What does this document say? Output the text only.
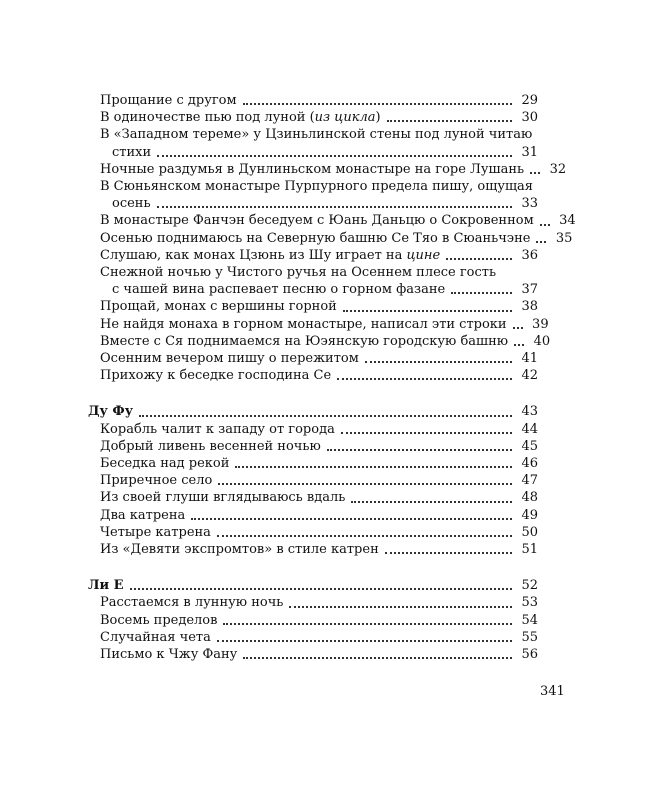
Прощание с другом	29
В одиночестве пью под луной (из цикла)	30
В «Западном тереме» у Цзиньлинской стены под луной читаю
стихи	31
Ночные раздумья в Дунлиньском монастыре на горе Лушань 32
В Сюньянском монастыре Пурпурного предела пишу, ощущая
осень	33
В монастыре Фанчэн беседуем с Юань Даньцю о Сокровенном 34
Осенью поднимаюсь на Северную башню Се Тяо в Сюаньчэне 35
Слушаю, как монах Цзюнь из Шу играет на цине	36
Снежной ночью у Чистого ручья на Осеннем плесе гость
с чашей вина распевает песню о горном фазане	37
Прощай, монах с вершины горной	38
Не найдя монаха в горном монастыре, написал эти строки 39
Вместе с Ся поднимаемся на Юэянскую городскую башню 40
Осенним вечером пишу о пережитом	41
Прихожу к беседке господина Се	42
Ду Фу	43
Корабль чалит к западу от города	44
Добрый ливень весенней ночью	45
Беседка над рекой	46
Приречное село	47
Из своей глуши вглядываюсь вдаль	48
Два катрена	49
Четыре катрена	50
Из «Девяти экспромтов» в стиле катрен	51
Ли Е	52
Расстаемся в лунную ночь	53
Восемь пределов	54
Случайная чета	55
Письмо к Чжу Фану	56
341
